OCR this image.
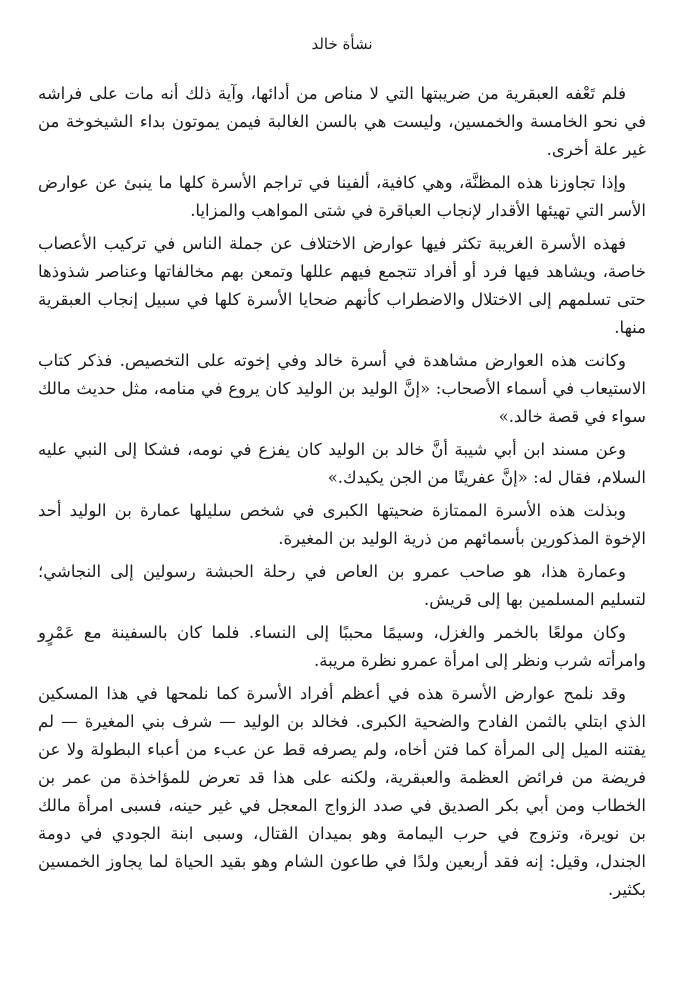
نشأة خالد

فلم تَعْفه العبقرية من ضريبتها التي لا مناص من أدائها، وآية ذلك أنه مات على فراشه في نحو الخامسة والخمسين، وليست هي بالسن الغالبة فيمن يموتون بداء الشيخوخة من غير علة أخرى.

وإذا تجاوزنا هذه المظنَّة، وهي كافية، ألفينا في تراجم الأسرة كلها ما ينبئ عن عوارض الأسر التي تهيئها الأقدار لإنجاب العباقرة في شتى المواهب والمزايا.

فهذه الأسرة الغريبة تكثر فيها عوارض الاختلاف عن جملة الناس في تركيب الأعصاب خاصة، ويشاهد فيها فرد أو أفراد تتجمع فيهم عللها وتمعن بهم مخالفاتها وعناصر شذوذها حتى تسلمهم إلى الاختلال والاضطراب كأنهم ضحايا الأسرة كلها في سبيل إنجاب العبقرية منها.

وكانت هذه العوارض مشاهدة في أسرة خالد وفي إخوته على التخصيص. فذكر كتاب الاستيعاب في أسماء الأصحاب: «إنَّ الوليد بن الوليد كان يروع في منامه، مثل حديث مالك سواء في قصة خالد.»

وعن مسند ابن أبي شيبة أنَّ خالد بن الوليد كان يفزع في نومه، فشكا إلى النبي عليه السلام، فقال له: «إنَّ عفريتًا من الجن يكيدك.»

وبذلت هذه الأسرة الممتازة ضحيتها الكبرى في شخص سليلها عمارة بن الوليد أحد الإخوة المذكورين بأسمائهم من ذرية الوليد بن المغيرة.

وعمارة هذا، هو صاحب عمرو بن العاص في رحلة الحبشة رسولين إلى النجاشي؛ لتسليم المسلمين بها إلى قريش.

وكان مولعًا بالخمر والغزل، وسيمًا محببًا إلى النساء. فلما كان بالسفينة مع عَمْرٍو وامرأته شرب ونظر إلى امرأة عمرو نظرة مريبة.

وقد نلمح عوارض الأسرة هذه في أعظم أفراد الأسرة كما نلمحها في هذا المسكين الذي ابتلي بالثمن الفادح والضحية الكبرى. فخالد بن الوليد — شرف بني المغيرة — لم يفتنه الميل إلى المرأة كما فتن أخاه، ولم يصرفه قط عن عبء من أعباء البطولة ولا عن فريضة من فرائض العظمة والعبقرية، ولكنه على هذا قد تعرض للمؤاخذة من عمر بن الخطاب ومن أبي بكر الصديق في صدد الزواج المعجل في غير حينه، فسبى امرأة مالك بن نويرة، وتزوج في حرب اليمامة وهو بميدان القتال، وسبى ابنة الجودي في دومة الجندل، وقيل: إنه فقد أربعين ولدًا في طاعون الشام وهو بقيد الحياة لما يجاوز الخمسين بكثير.
